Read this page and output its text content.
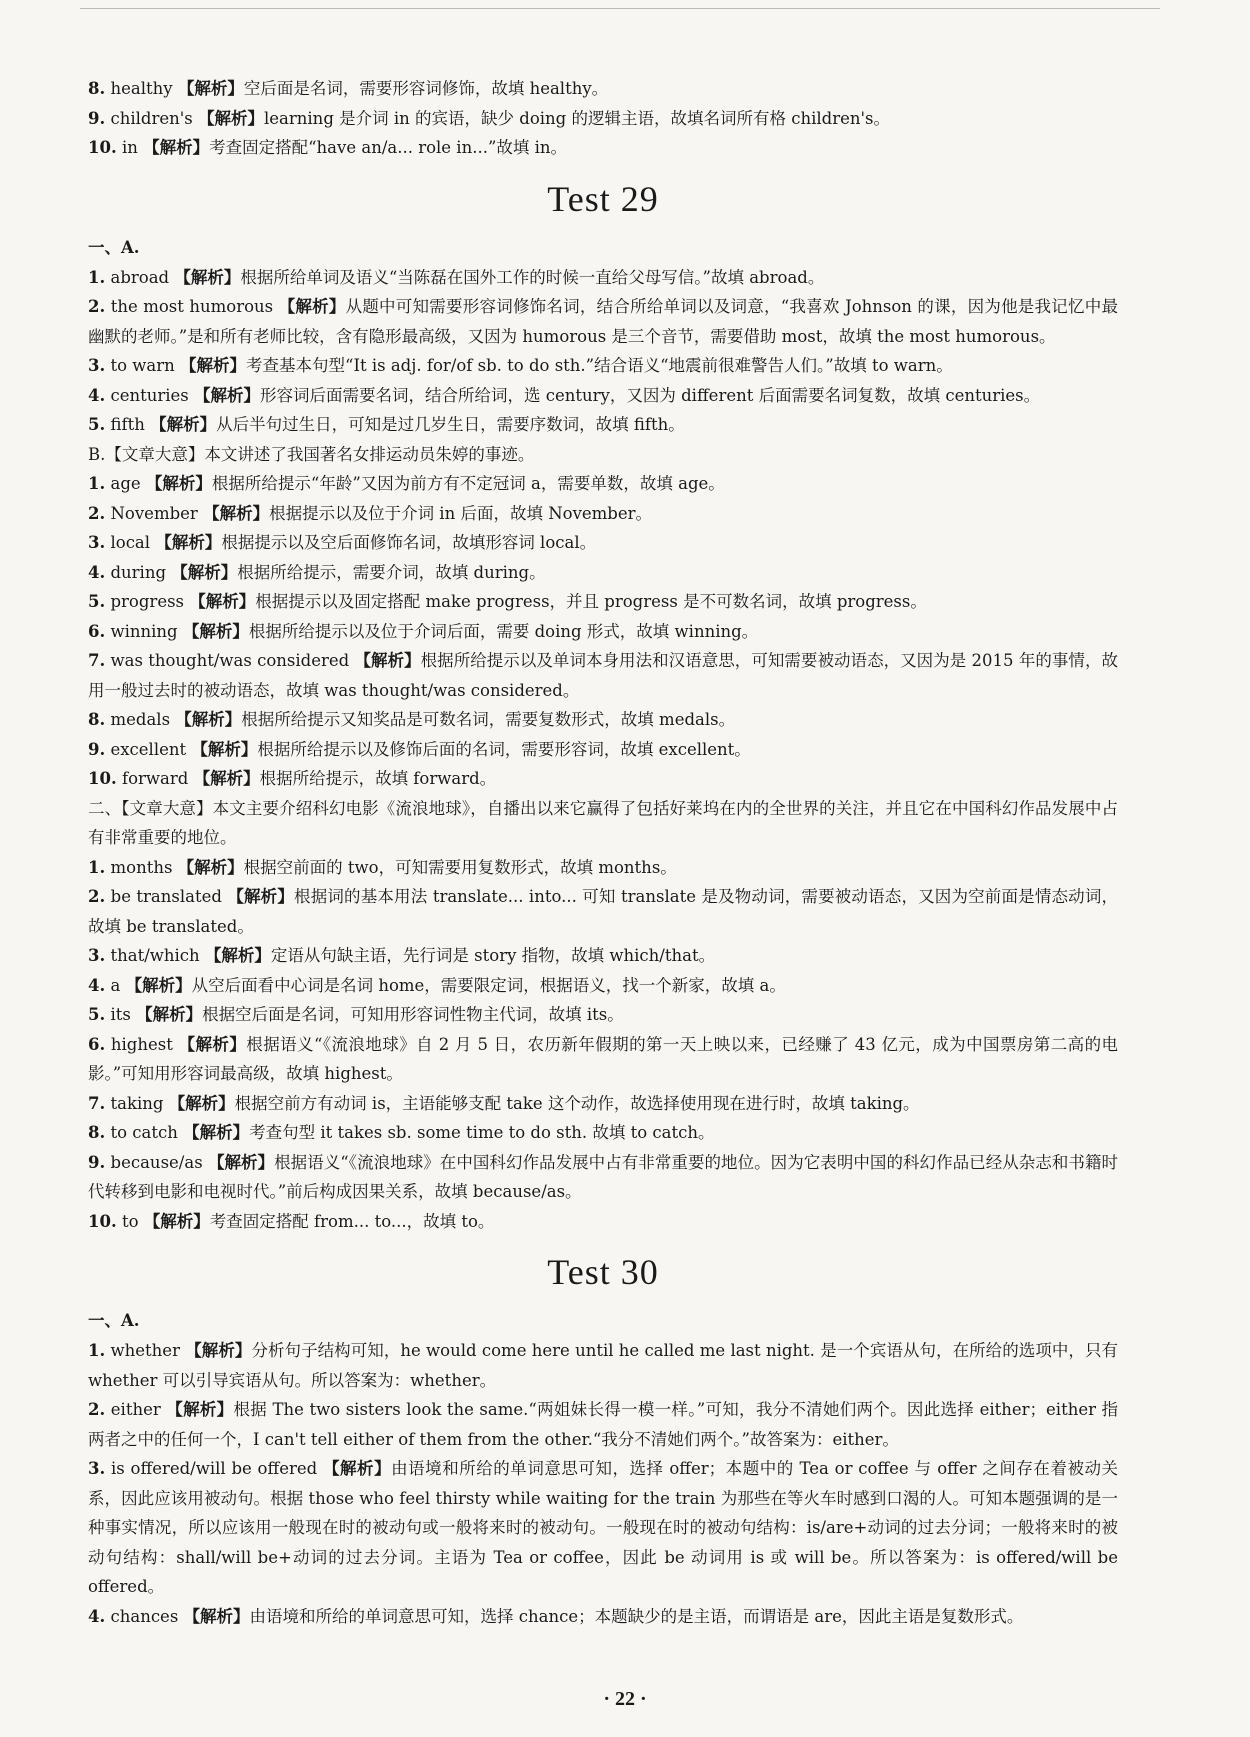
8. healthy 【解析】空后面是名词，需要形容词修饰，故填 healthy。
9. children's 【解析】learning 是介词 in 的宾语，缺少 doing 的逻辑主语，故填名词所有格 children's。
10. in 【解析】考查固定搭配“have an/a... role in...”故填 in。
Test 29
一、A.
1. abroad 【解析】根据所给单词及语义“当陈磊在国外工作的时候一直给父母写信。”故填 abroad。
2. the most humorous 【解析】从题中可知需要形容词修饰名词，结合所给单词以及词意，“我喜欢 Johnson 的课，因为他是我记忆中最幽默的老师。”是和所有老师比较，含有隐形最高级，又因为 humorous 是三个音节，需要借助 most，故填 the most humorous。
3. to warn 【解析】考查基本句型“It is adj. for/of sb. to do sth.”结合语义“地震前很难警告人们。”故填 to warn。
4. centuries 【解析】形容词后面需要名词，结合所给词，选 century，又因为 different 后面需要名词复数，故填 centuries。
5. fifth 【解析】从后半句过生日，可知是过几岁生日，需要序数词，故填 fifth。
B.【文章大意】本文讲述了我国著名女排运动员朱婷的事迹。
1. age 【解析】根据所给提示“年龄”又因为前方有不定冠词 a，需要单数，故填 age。
2. November 【解析】根据提示以及位于介词 in 后面，故填 November。
3. local 【解析】根据提示以及空后面修饰名词，故填形容词 local。
4. during 【解析】根据所给提示，需要介词，故填 during。
5. progress 【解析】根据提示以及固定搭配 make progress，并且 progress 是不可数名词，故填 progress。
6. winning 【解析】根据所给提示以及位于介词后面，需要 doing 形式，故填 winning。
7. was thought/was considered 【解析】根据所给提示以及单词本身用法和汉语意思，可知需要被动语态，又因为是 2015 年的事情，故用一般过去时的被动语态，故填 was thought/was considered。
8. medals 【解析】根据所给提示又知奖品是可数名词，需要复数形式，故填 medals。
9. excellent 【解析】根据所给提示以及修饰后面的名词，需要形容词，故填 excellent。
10. forward 【解析】根据所给提示，故填 forward。
二、【文章大意】本文主要介绍科幻电影《流浪地球》，自播出以来它赢得了包括好莱坞在内的全世界的关注，并且它在中国科幻作品发展中占有非常重要的地位。
1. months 【解析】根据空前面的 two，可知需要用复数形式，故填 months。
2. be translated 【解析】根据词的基本用法 translate... into... 可知 translate 是及物动词，需要被动语态，又因为空前面是情态动词，故填 be translated。
3. that/which 【解析】定语从句缺主语，先行词是 story 指物，故填 which/that。
4. a 【解析】从空后面看中心词是名词 home，需要限定词，根据语义，找一个新家，故填 a。
5. its 【解析】根据空后面是名词，可知用形容词性物主代词，故填 its。
6. highest 【解析】根据语义“《流浪地球》自 2 月 5 日，农历新年假期的第一天上映以来，已经赚了 43 亿元，成为中国票房第二高的电影。”可知用形容词最高级，故填 highest。
7. taking 【解析】根据空前方有动词 is，主语能够支配 take 这个动作，故选择使用现在进行时，故填 taking。
8. to catch 【解析】考查句型 it takes sb. some time to do sth. 故填 to catch。
9. because/as 【解析】根据语义“《流浪地球》在中国科幻作品发展中占有非常重要的地位。因为它表明中国的科幻作品已经从杂志和书籍时代转移到电影和电视时代。”前后构成因果关系，故填 because/as。
10. to 【解析】考查固定搭配 from... to...，故填 to。
Test 30
一、A.
1. whether 【解析】分析句子结构可知，he would come here until he called me last night. 是一个宾语从句，在所给的选项中，只有 whether 可以引导宾语从句。所以答案为：whether。
2. either 【解析】根据 The two sisters look the same.“两姐妹长得一模一样。”可知，我分不清她们两个。因此选择 either；either 指两者之中的任何一个，I can't tell either of them from the other.“我分不清她们两个。”故答案为：either。
3. is offered/will be offered 【解析】由语境和所给的单词意思可知，选择 offer；本题中的 Tea or coffee 与 offer 之间存在着被动关系，因此应该用被动句。根据 those who feel thirsty while waiting for the train 为那些在等火车时感到口渴的人。可知本题强调的是一种事实情况，所以应该用一般现在时的被动句或一般将来时的被动句。一般现在时的被动句结构：is/are+动词的过去分词；一般将来时的被动句结构：shall/will be+动词的过去分词。主语为 Tea or coffee，因此 be 动词用 is 或 will be。所以答案为：is offered/will be offered。
4. chances 【解析】由语境和所给的单词意思可知，选择 chance；本题缺少的是主语，而谓语是 are，因此主语是复数形式。
· 22 ·
